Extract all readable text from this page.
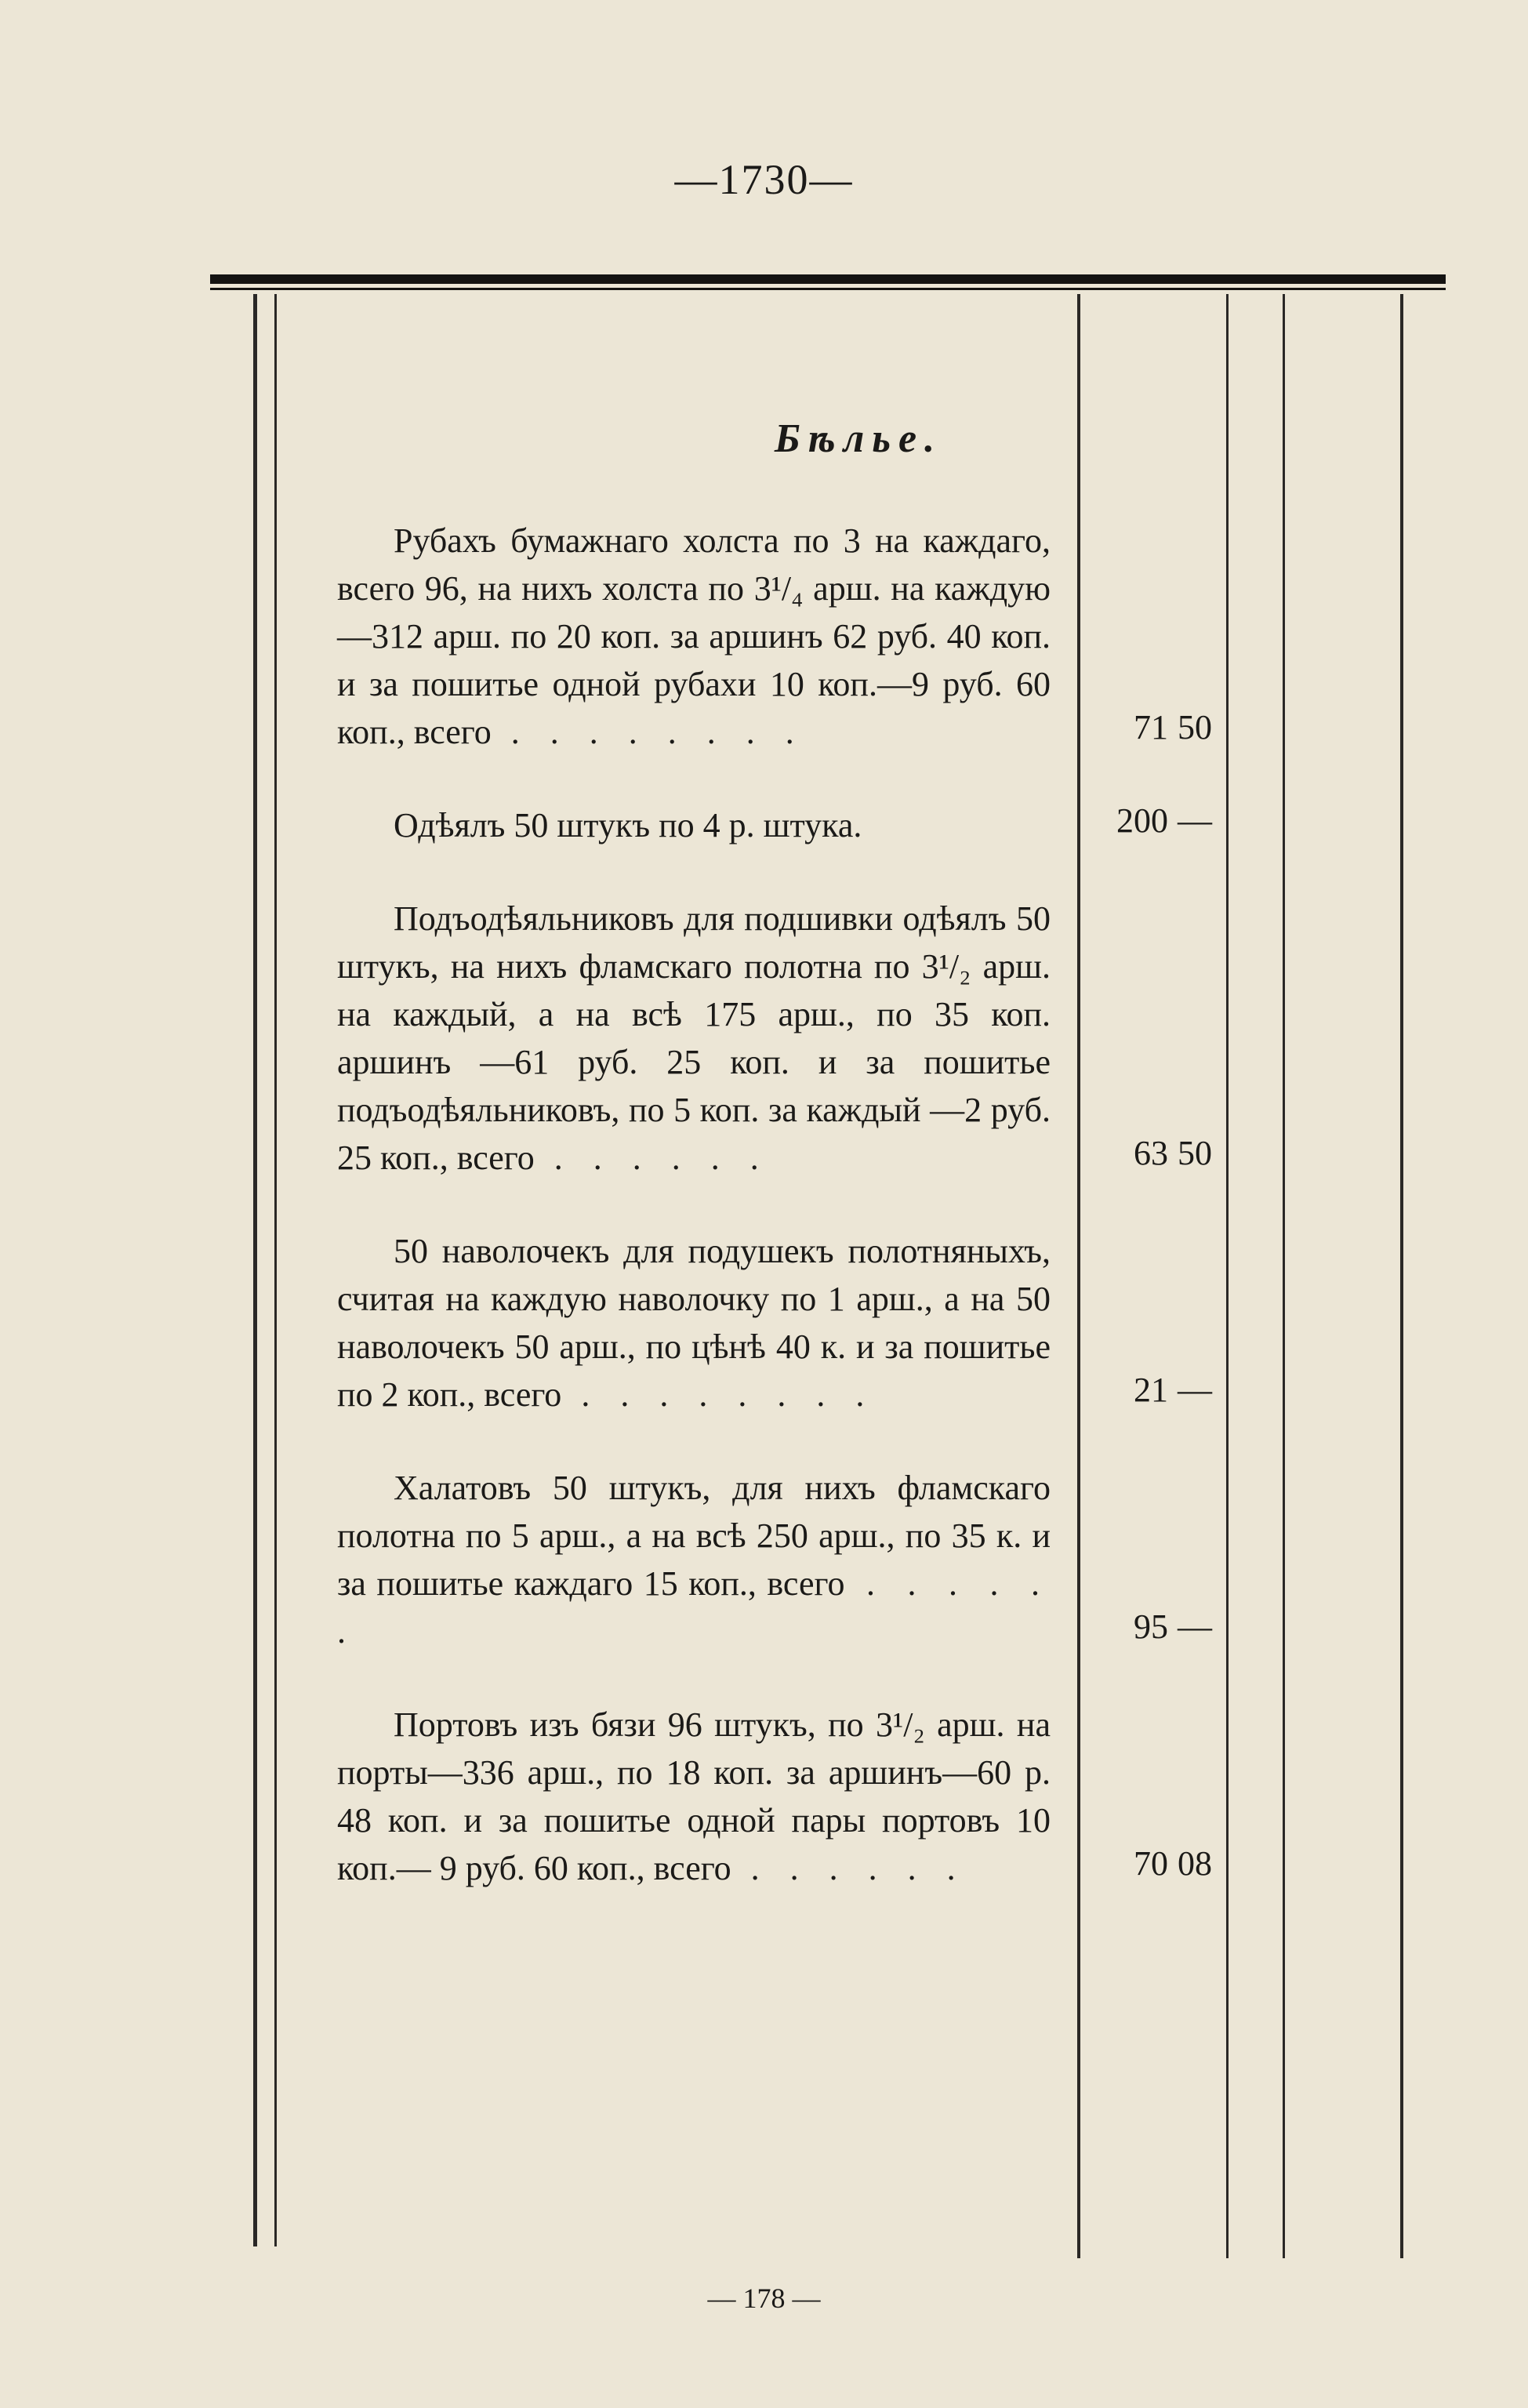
—1730—
Бѣлье.
Рубахъ бумажнаго холста по 3 на каждаго, всего 96, на нихъ холста по 3¹/₄ арш. на каждую—312 арш. по 20 коп. за аршинъ 62 руб. 40 коп. и за пошитье одной рубахи 10 коп.—9 руб. 60 коп., всего . . . . . . . .	71 50
Одѣялъ 50 штукъ по 4 р. штука.	200 —
Подъодѣяльниковъ для подшивки одѣялъ 50 штукъ, на нихъ фламскаго полотна по 3¹/₂ арш. на каждый, а на всѣ 175 арш., по 35 коп. аршинъ —61 руб. 25 коп. и за пошитье подъодѣяльниковъ, по 5 коп. за каждый —2 руб. 25 коп., всего . . . . . .	63 50
50 наволочекъ для подушекъ полотняныхъ, считая на каждую наволочку по 1 арш., а на 50 наволочекъ 50 арш., по цѣнѣ 40 к. и за пошитье по 2 коп., всего . . . . . . . .	21 —
Халатовъ 50 штукъ, для нихъ фламскаго полотна по 5 арш., а на всѣ 250 арш., по 35 к. и за пошитье каждаго 15 коп., всего . . . . . .	95 —
Портовъ изъ бязи 96 штукъ, по 3¹/₂ арш. на порты—336 арш., по 18 коп. за аршинъ—60 р. 48 коп. и за пошитье одной пары портовъ 10 коп.— 9 руб. 60 коп., всего . . . . . .	70 08
— 178 —
